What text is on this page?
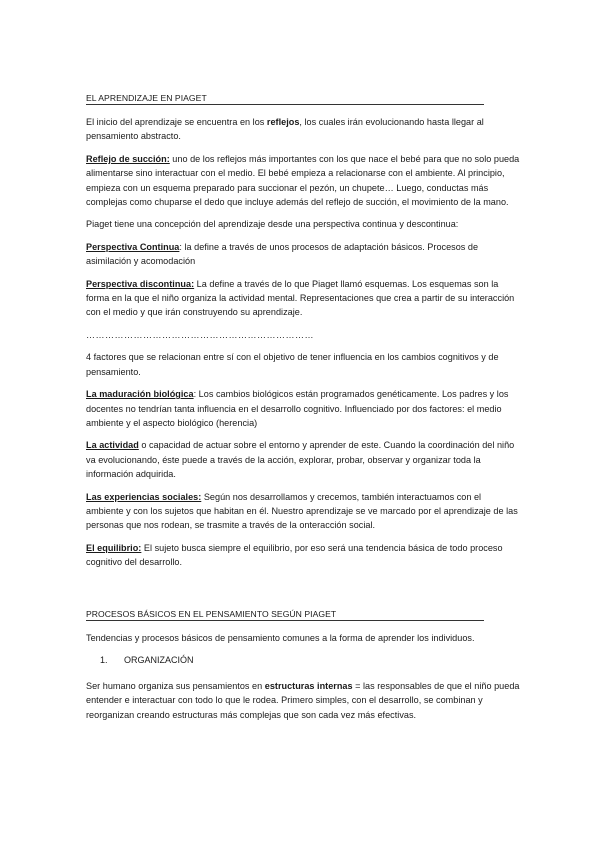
EL APRENDIZAJE EN PIAGET

El inicio del aprendizaje se encuentra en los reflejos, los cuales irán evolucionando hasta llegar al pensamiento abstracto.

Reflejo de succión: uno de los reflejos más importantes con los que nace el bebé para que no solo pueda alimentarse sino interactuar con el medio. El bebé empieza a relacionarse con el ambiente. Al principio, empieza con un esquema preparado para succionar el pezón, un chupete… Luego, conductas más complejas como chuparse el dedo que incluye además del reflejo de succión, el movimiento de la mano.

Piaget tiene una concepción del aprendizaje desde una perspectiva continua y descontinua:

Perspectiva Continua: la define a través de unos procesos de adaptación básicos. Procesos de asimilación y acomodación

Perspectiva discontinua: La define a través de lo que Piaget llamó esquemas. Los esquemas son la forma en la que el niño organiza la actividad mental. Representaciones que crea a partir de su interacción con el medio y que irán construyendo su aprendizaje.

………………………………………………………………

4 factores que se relacionan entre sí con el objetivo de tener influencia en los cambios cognitivos y de pensamiento.

La maduración biológica: Los cambios biológicos están programados genéticamente. Los padres y los docentes no tendrían tanta influencia en el desarrollo cognitivo. Influenciado por dos factores: el medio ambiente y el aspecto biológico (herencia)

La actividad o capacidad de actuar sobre el entorno y aprender de este. Cuando la coordinación del niño va evolucionando, éste puede a través de la acción, explorar, probar, observar y organizar toda la información adquirida.

Las experiencias sociales: Según nos desarrollamos y crecemos, también interactuamos con el ambiente y con los sujetos que habitan en él. Nuestro aprendizaje se ve marcado por el aprendizaje de las personas que nos rodean, se trasmite a través de la onteracción social.

El equilibrio: El sujeto busca siempre el equilibrio, por eso será una tendencia básica de todo proceso cognitivo del desarrollo.

PROCESOS BÁSICOS EN EL PENSAMIENTO SEGÚN PIAGET

Tendencias y procesos básicos de pensamiento comunes a la forma de aprender los individuos.

1. ORGANIZACIÓN

Ser humano organiza sus pensamientos en estructuras internas = las responsables de que el niño pueda entender e interactuar con todo lo que le rodea. Primero simples, con el desarrollo, se combinan y reorganizan creando estructuras más complejas que son cada vez más efectivas.
